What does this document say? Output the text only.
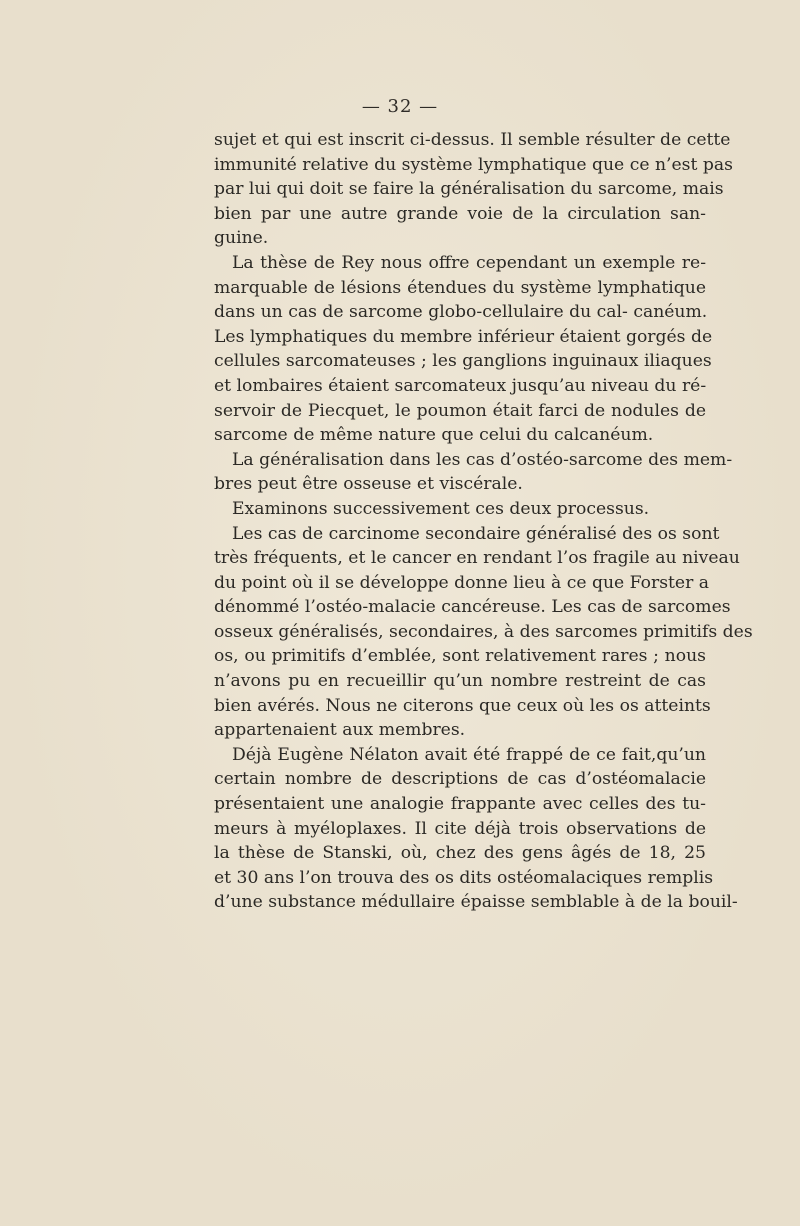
— 32 —
sujet et qui est inscrit ci-dessus. Il semble résulter de cette
immunité relative du système lymphatique que ce n’est pas
par lui qui doit se faire la généralisation du sarcome, mais
bien par une autre grande voie de la circulation san-
guine.
La thèse de Rey nous offre cependant un exemple re-
marquable de lésions étendues du système lymphatique
dans un cas de sarcome globo-cellulaire du cal- canéum.
Les lymphatiques du membre inférieur étaient gorgés de
cellules sarcomateuses ; les ganglions inguinaux iliaques
et lombaires étaient sarcomateux jusqu’au niveau du ré-
servoir de Piecquet, le poumon était farci de nodules de
sarcome de même nature que celui du calcanéum.
La généralisation dans les cas d’ostéo-sarcome des mem-
bres peut être osseuse et viscérale.
Examinons successivement ces deux processus.
Les cas de carcinome secondaire généralisé des os sont
très fréquents, et le cancer en rendant l’os fragile au niveau
du point où il se développe donne lieu à ce que Forster a
dénommé l’ostéo-malacie cancéreuse. Les cas de sarcomes
osseux généralisés, secondaires, à des sarcomes primitifs des
os, ou primitifs d’emblée, sont relativement rares ; nous
n’avons pu en recueillir qu’un nombre restreint de cas
bien avérés. Nous ne citerons que ceux où les os atteints
appartenaient aux membres.
Déjà Eugène Nélaton avait été frappé de ce fait,qu’un
certain nombre de descriptions de cas d’ostéomalacie
présentaient une analogie frappante avec celles des tu-
meurs à myéloplaxes. Il cite déjà trois observations de
la thèse de Stanski, où, chez des gens âgés de 18, 25
et 30 ans l’on trouva des os dits ostéomalaciques remplis
d’une substance médullaire épaisse semblable à de la bouil-
